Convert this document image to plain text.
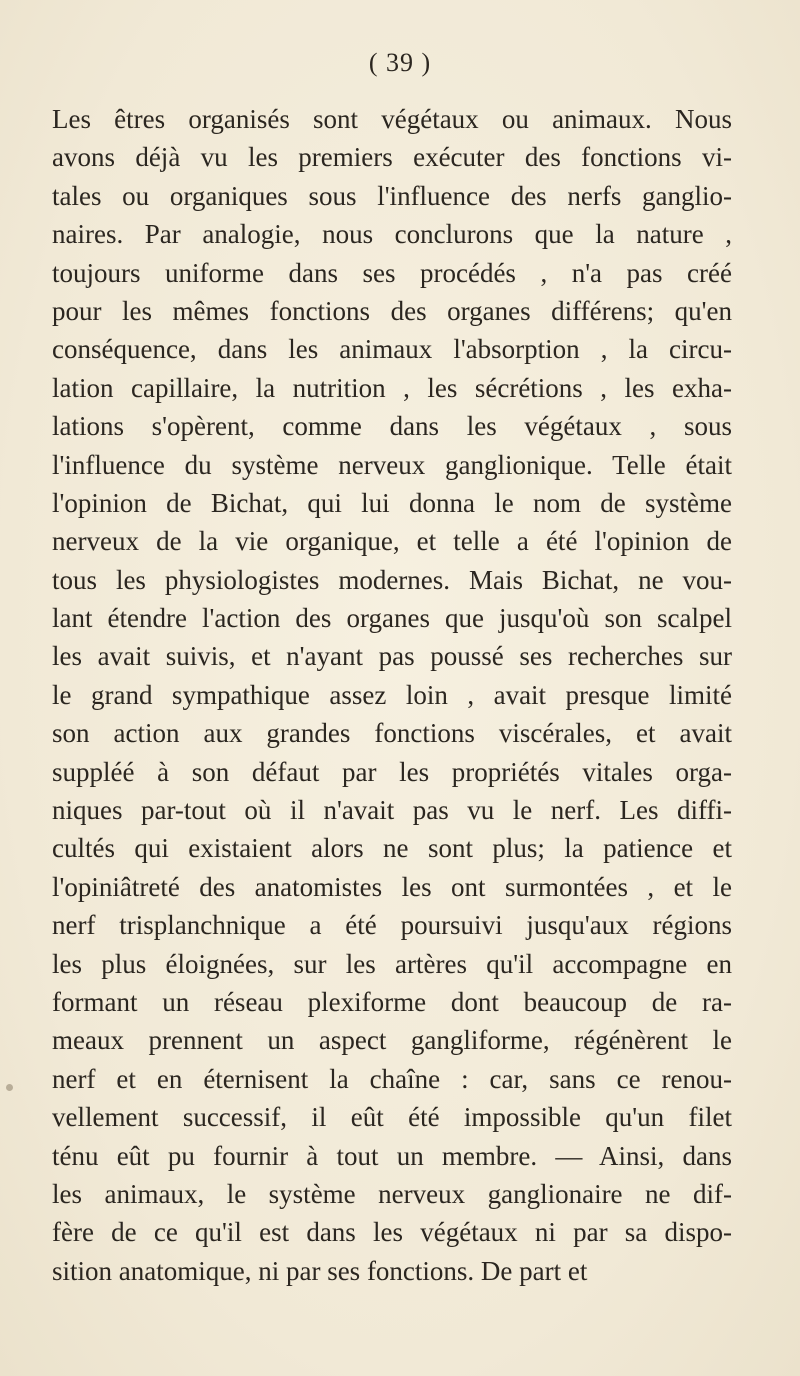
( 39 )
Les êtres organisés sont végétaux ou animaux. Nous
avons déjà vu les premiers exécuter des fonctions vi-
tales ou organiques sous l'influence des nerfs ganglio-
naires. Par analogie, nous conclurons que la nature ,
toujours uniforme dans ses procédés , n'a pas créé
pour les mêmes fonctions des organes différens; qu'en
conséquence, dans les animaux l'absorption , la circu-
lation capillaire, la nutrition , les sécrétions , les exha-
lations s'opèrent, comme dans les végétaux , sous
l'influence du système nerveux ganglionique. Telle était
l'opinion de Bichat, qui lui donna le nom de système
nerveux de la vie organique, et telle a été l'opinion de
tous les physiologistes modernes. Mais Bichat, ne vou-
lant étendre l'action des organes que jusqu'où son scalpel
les avait suivis, et n'ayant pas poussé ses recherches sur
le grand sympathique assez loin , avait presque limité
son action aux grandes fonctions viscérales, et avait
suppléé à son défaut par les propriétés vitales orga-
niques par-tout où il n'avait pas vu le nerf. Les diffi-
cultés qui existaient alors ne sont plus; la patience et
l'opiniâtreté des anatomistes les ont surmontées , et le
nerf trisplanchnique a été poursuivi jusqu'aux régions
les plus éloignées, sur les artères qu'il accompagne en
formant un réseau plexiforme dont beaucoup de ra-
meaux prennent un aspect gangliforme, régénèrent le
nerf et en éternisent la chaîne : car, sans ce renou-
vellement successif, il eût été impossible qu'un filet
ténu eût pu fournir à tout un membre. — Ainsi, dans
les animaux, le système nerveux ganglionaire ne dif-
fère de ce qu'il est dans les végétaux ni par sa dispo-
sition anatomique, ni par ses fonctions. De part et
